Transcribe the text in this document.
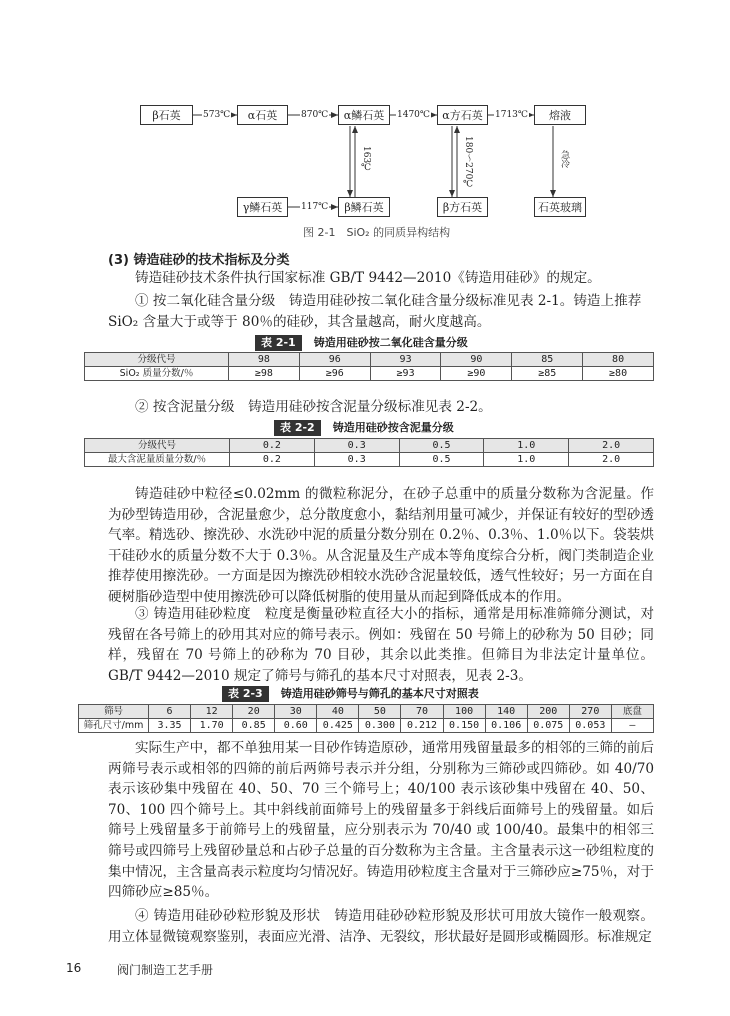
β石英	α石英	α鳞石英	α方石英	熔液
γ鳞石英	β鳞石英	β方石英	石英玻璃
573℃	870℃	1470℃	1713℃
117℃
163℃	180～270℃	急冷
图 2-1　SiO₂ 的同质异构结构
(3) 铸造硅砂的技术指标及分类
铸造硅砂技术条件执行国家标准 GB/T 9442—2010《铸造用硅砂》的规定。
① 按二氧化硅含量分级　铸造用硅砂按二氧化硅含量分级标准见表 2-1。铸造上推荐
SiO₂ 含量大于或等于 80％的硅砂，其含量越高，耐火度越高。
表 2-1 铸造用硅砂按二氧化硅含量分级
分级代号	98	96	93	90	85	80
SiO₂ 质量分数/％	≥98	≥96	≥93	≥90	≥85	≥80
② 按含泥量分级　铸造用硅砂按含泥量分级标准见表 2-2。
表 2-2 铸造用硅砂按含泥量分级
分级代号	0.2	0.3	0.5	1.0	2.0
最大含泥量质量分数/％	0.2	0.3	0.5	1.0	2.0

铸造硅砂中粒径≤0.02mm 的微粒称泥分，在砂子总重中的质量分数称为含泥量。作为砂型铸造用砂，含泥量愈少，总分散度愈小，黏结剂用量可减少，并保证有较好的型砂透气率。精选砂、擦洗砂、水洗砂中泥的质量分数分别在 0.2％、0.3％、1.0％以下。袋装烘干硅砂水的质量分数不大于 0.3％。从含泥量及生产成本等角度综合分析，阀门类制造企业推荐使用擦洗砂。一方面是因为擦洗砂相较水洗砂含泥量较低，透气性较好；另一方面在自硬树脂砂造型中使用擦洗砂可以降低树脂的使用量从而起到降低成本的作用。

③ 铸造用硅砂粒度　粒度是衡量砂粒直径大小的指标，通常是用标准筛筛分测试，对残留在各号筛上的砂用其对应的筛号表示。例如：残留在 50 号筛上的砂称为 50 目砂；同样，残留在 70 号筛上的砂称为 70 目砂，其余以此类推。但筛目为非法定计量单位。GB/T 9442—2010 规定了筛号与筛孔的基本尺寸对照表，见表 2-3。

表 2-3 铸造用硅砂筛号与筛孔的基本尺寸对照表
筛号	6	12	20	30	40	50	70	100	140	200	270	底盘
筛孔尺寸/mm	3.35	1.70	0.85	0.60	0.425	0.300	0.212	0.150	0.106	0.075	0.053	—

实际生产中，都不单独用某一目砂作铸造原砂，通常用残留量最多的相邻的三筛的前后两筛号表示或相邻的四筛的前后两筛号表示并分组，分别称为三筛砂或四筛砂。如 40/70 表示该砂集中残留在 40、50、70 三个筛号上；40/100 表示该砂集中残留在 40、50、70、100 四个筛号上。其中斜线前面筛号上的残留量多于斜线后面筛号上的残留量。如后筛号上残留量多于前筛号上的残留量，应分别表示为 70/40 或 100/40。最集中的相邻三筛号或四筛号上残留砂量总和占砂子总量的百分数称为主含量。主含量表示这一砂组粒度的集中情况，主含量高表示粒度均匀情况好。铸造用砂粒度主含量对于三筛砂应≥75％，对于四筛砂应≥85％。

④ 铸造用硅砂砂粒形貌及形状　铸造用硅砂砂粒形貌及形状可用放大镜作一般观察。用立体显微镜观察鉴别，表面应光滑、洁净、无裂纹，形状最好是圆形或椭圆形。标准规定

16	阀门制造工艺手册
